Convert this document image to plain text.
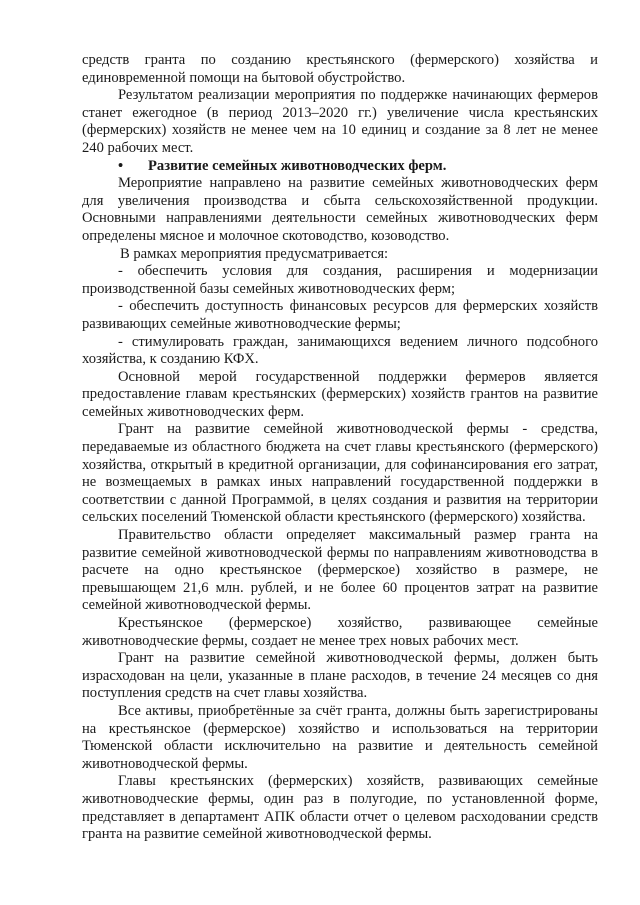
средств гранта по созданию крестьянского (фермерского) хозяйства и единовременной помощи на бытовой обустройство.

Результатом реализации мероприятия по поддержке начинающих фермеров станет ежегодное (в период 2013–2020 гг.) увеличение числа крестьянских (фермерских) хозяйств не менее чем на 10 единиц и создание за 8 лет не менее 240 рабочих мест.

•	Развитие семейных животноводческих ферм.

Мероприятие направлено на развитие семейных животноводческих ферм для увеличения производства и сбыта сельскохозяйственной продукции. Основными направлениями деятельности семейных животноводческих ферм определены мясное и молочное скотоводство, козоводство.

В рамках мероприятия предусматривается:

- обеспечить условия для создания, расширения и модернизации производственной базы семейных животноводческих ферм;

- обеспечить доступность финансовых ресурсов для фермерских хозяйств развивающих семейные животноводческие фермы;

- стимулировать граждан, занимающихся ведением личного подсобного хозяйства, к созданию КФХ.

Основной мерой государственной поддержки фермеров является предоставление главам крестьянских (фермерских) хозяйств грантов на развитие семейных животноводческих ферм.

Грант на развитие семейной животноводческой фермы - средства, передаваемые из областного бюджета на счет главы крестьянского (фермерского) хозяйства, открытый в кредитной организации, для софинансирования его затрат, не возмещаемых в рамках иных направлений государственной поддержки в соответствии с данной Программой, в целях создания и развития на территории сельских поселений Тюменской области крестьянского (фермерского) хозяйства.

Правительство области определяет максимальный размер гранта на развитие семейной животноводческой фермы по направлениям животноводства в расчете на одно крестьянское (фермерское) хозяйство в размере, не превышающем 21,6 млн. рублей, и не более 60 процентов затрат на развитие семейной животноводческой фермы.

Крестьянское (фермерское) хозяйство, развивающее семейные животноводческие фермы, создает не менее трех новых рабочих мест.

Грант на развитие семейной животноводческой фермы, должен быть израсходован на цели, указанные в плане расходов, в течение 24 месяцев со дня поступления средств на счет главы хозяйства.

Все активы, приобретённые за счёт гранта, должны быть зарегистрированы на крестьянское (фермерское) хозяйство и использоваться на территории Тюменской области исключительно на развитие и деятельность семейной животноводческой фермы.

Главы крестьянских (фермерских) хозяйств, развивающих семейные животноводческие фермы, один раз в полугодие, по установленной форме, представляет в департамент АПК области отчет о целевом расходовании средств гранта на развитие семейной животноводческой фермы.
